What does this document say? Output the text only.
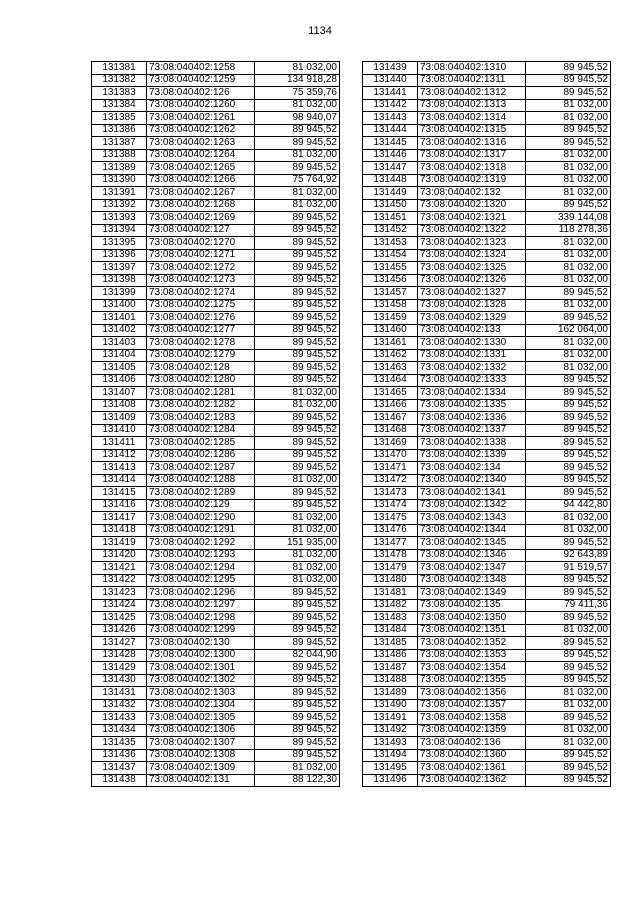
1134
131381	73:08:040402:1258	81 032,00
131382	73:08:040402:1259	134 918,28
131383	73:08:040402:126	75 359,76
131384	73:08:040402:1260	81 032,00
131385	73:08:040402:1261	98 940,07
131386	73:08:040402:1262	89 945,52
131387	73:08:040402:1263	89 945,52
131388	73:08:040402:1264	81 032,00
131389	73:08:040402:1265	89 945,52
131390	73:08:040402:1266	75 764,92
131391	73:08:040402:1267	81 032,00
131392	73:08:040402:1268	81 032,00
131393	73:08:040402:1269	89 945,52
131394	73:08:040402:127	89 945,52
131395	73:08:040402:1270	89 945,52
131396	73:08:040402:1271	89 945,52
131397	73:08:040402:1272	89 945,52
131398	73:08:040402:1273	89 945,52
131399	73:08:040402:1274	89 945,52
131400	73:08:040402:1275	89 945,52
131401	73:08:040402:1276	89 945,52
131402	73:08:040402:1277	89 945,52
131403	73:08:040402:1278	89 945,52
131404	73:08:040402:1279	89 945,52
131405	73:08:040402:128	89 945,52
131406	73:08:040402:1280	89 945,52
131407	73:08:040402:1281	81 032,00
131408	73:08:040402:1282	81 032,00
131409	73:08:040402:1283	89 945,52
131410	73:08:040402:1284	89 945,52
131411	73:08:040402:1285	89 945,52
131412	73:08:040402:1286	89 945,52
131413	73:08:040402:1287	89 945,52
131414	73:08:040402:1288	81 032,00
131415	73:08:040402:1289	89 945,52
131416	73:08:040402:129	89 945,52
131417	73:08:040402:1290	81 032,00
131418	73:08:040402:1291	81 032,00
131419	73:08:040402:1292	151 935,00
131420	73:08:040402:1293	81 032,00
131421	73:08:040402:1294	81 032,00
131422	73:08:040402:1295	81 032,00
131423	73:08:040402:1296	89 945,52
131424	73:08:040402:1297	89 945,52
131425	73:08:040402:1298	89 945,52
131426	73:08:040402:1299	89 945,52
131427	73:08:040402:130	89 945,52
131428	73:08:040402:1300	82 044,90
131429	73:08:040402:1301	89 945,52
131430	73:08:040402:1302	89 945,52
131431	73:08:040402:1303	89 945,52
131432	73:08:040402:1304	89 945,52
131433	73:08:040402:1305	89 945,52
131434	73:08:040402:1306	89 945,52
131435	73:08:040402:1307	89 945,52
131436	73:08:040402:1308	89 945,52
131437	73:08:040402:1309	81 032,00
131438	73:08:040402:131	88 122,30
131439	73:08:040402:1310	89 945,52
131440	73:08:040402:1311	89 945,52
131441	73:08:040402:1312	89 945,52
131442	73:08:040402:1313	81 032,00
131443	73:08:040402:1314	81 032,00
131444	73:08:040402:1315	89 945,52
131445	73:08:040402:1316	89 945,52
131446	73:08:040402:1317	81 032,00
131447	73:08:040402:1318	81 032,00
131448	73:08:040402:1319	81 032,00
131449	73:08:040402:132	81 032,00
131450	73:08:040402:1320	89 945,52
131451	73:08:040402:1321	339 144,08
131452	73:08:040402:1322	118 278,36
131453	73:08:040402:1323	81 032,00
131454	73:08:040402:1324	81 032,00
131455	73:08:040402:1325	81 032,00
131456	73:08:040402:1326	81 032,00
131457	73:08:040402:1327	89 945,52
131458	73:08:040402:1328	81 032,00
131459	73:08:040402:1329	89 945,52
131460	73:08:040402:133	162 064,00
131461	73:08:040402:1330	81 032,00
131462	73:08:040402:1331	81 032,00
131463	73:08:040402:1332	81 032,00
131464	73:08:040402:1333	89 945,52
131465	73:08:040402:1334	89 945,52
131466	73:08:040402:1335	89 945,52
131467	73:08:040402:1336	89 945,52
131468	73:08:040402:1337	89 945,52
131469	73:08:040402:1338	89 945,52
131470	73:08:040402:1339	89 945,52
131471	73:08:040402:134	89 945,52
131472	73:08:040402:1340	89 945,52
131473	73:08:040402:1341	89 945,52
131474	73:08:040402:1342	94 442,80
131475	73:08:040402:1343	81 032,00
131476	73:08:040402:1344	81 032,00
131477	73:08:040402:1345	89 945,52
131478	73:08:040402:1346	92 643,89
131479	73:08:040402:1347	91 519,57
131480	73:08:040402:1348	89 945,52
131481	73:08:040402:1349	89 945,52
131482	73:08:040402:135	79 411,36
131483	73:08:040402:1350	89 945,52
131484	73:08:040402:1351	81 032,00
131485	73:08:040402:1352	89 945,52
131486	73:08:040402:1353	89 945,52
131487	73:08:040402:1354	89 945,52
131488	73:08:040402:1355	89 945,52
131489	73:08:040402:1356	81 032,00
131490	73:08:040402:1357	81 032,00
131491	73:08:040402:1358	89 945,52
131492	73:08:040402:1359	81 032,00
131493	73:08:040402:136	81 032,00
131494	73:08:040402:1360	89 945,52
131495	73:08:040402:1361	89 945,52
131496	73:08:040402:1362	89 945,52
